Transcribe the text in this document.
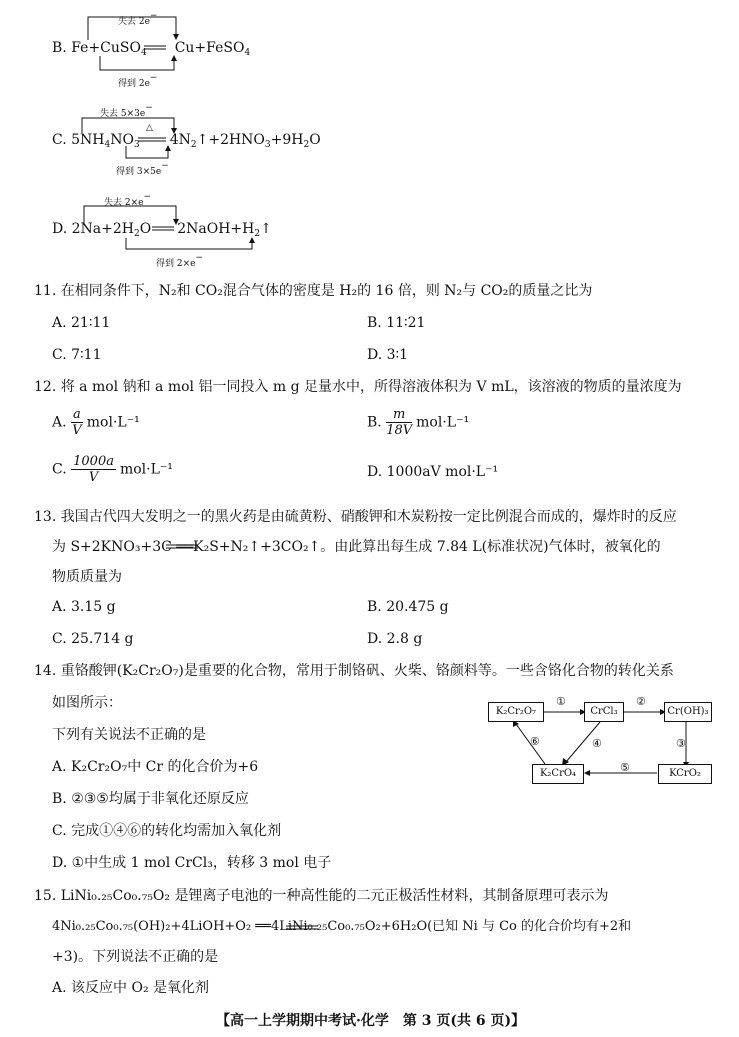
失去 2e−
B. Fe+CuSO$_4$ Cu+FeSO$_4$
得到 2e−
失去 5×3e−
△
C. $5NH_4NO_3$ $4N_2↑+2HNO_3+9H_2O$
得到 3×5e−
失去 2×e−
D. $2Na+2H_2O$ $2NaOH+H_2↑$
得到 2×e−
11. 在相同条件下，N₂和 CO₂混合气体的密度是 H₂的 16 倍，则 N₂与 CO₂的质量之比为
A. 21∶11	B. 11∶21
C. 7∶11	D. 3∶1
12. 将 a mol 钠和 a mol 铝一同投入 m g 足量水中，所得溶液体积为 V mL，该溶液的物质的量浓度为
A. $\frac{a}{V} mol\cdot L^{-1}$	B. $\frac{m}{18V} mol\cdot L^{-1}$
C. $\frac{1000a}{V} mol\cdot L^{-1}$	D. 1000aV mol·L⁻¹
13. 我国古代四大发明之一的黑火药是由硫黄粉、硝酸钾和木炭粉按一定比例混合而成的，爆炸时的反应
为 S+2KNO₃+3C ══K₂S+N₂↑+3CO₂↑。由此算出每生成 7.84 L(标准状况)气体时，被氧化的
物质质量为
A. 3.15 g	B. 20.475 g
C. 25.714 g	D. 2.8 g
14. 重铬酸钾(K₂Cr₂O₇)是重要的化合物，常用于制铬矾、火柴、铬颜料等。一些含铬化合物的转化关系
如图所示：
下列有关说法不正确的是
A. K₂Cr₂O₇中 Cr 的化合价为+6
B. ②③⑤均属于非氧化还原反应
C. 完成①④⑥的转化均需加入氧化剂
D. ①中生成 1 mol CrCl₃，转移 3 mol 电子
K₂Cr₂O₇	CrCl₃	Cr(OH)₃
K₂CrO₄	KCrO₂
①	②
③
④
⑤
⑥
15. LiNi₀.₂₅Co₀.₇₅O₂ 是锂离子电池的一种高性能的二元正极活性材料，其制备原理可表示为
4Ni₀.₂₅Co₀.₇₅(OH)₂+4LiOH+O₂ ══4LiNi₀.₂₅Co₀.₇₅O₂+6H₂O(已知 Ni 与 Co 的化合价均有+2和
+3)。下列说法不正确的是
A. 该反应中 O₂ 是氧化剂
【高一上学期期中考试·化学　第 3 页(共 6 页)】
